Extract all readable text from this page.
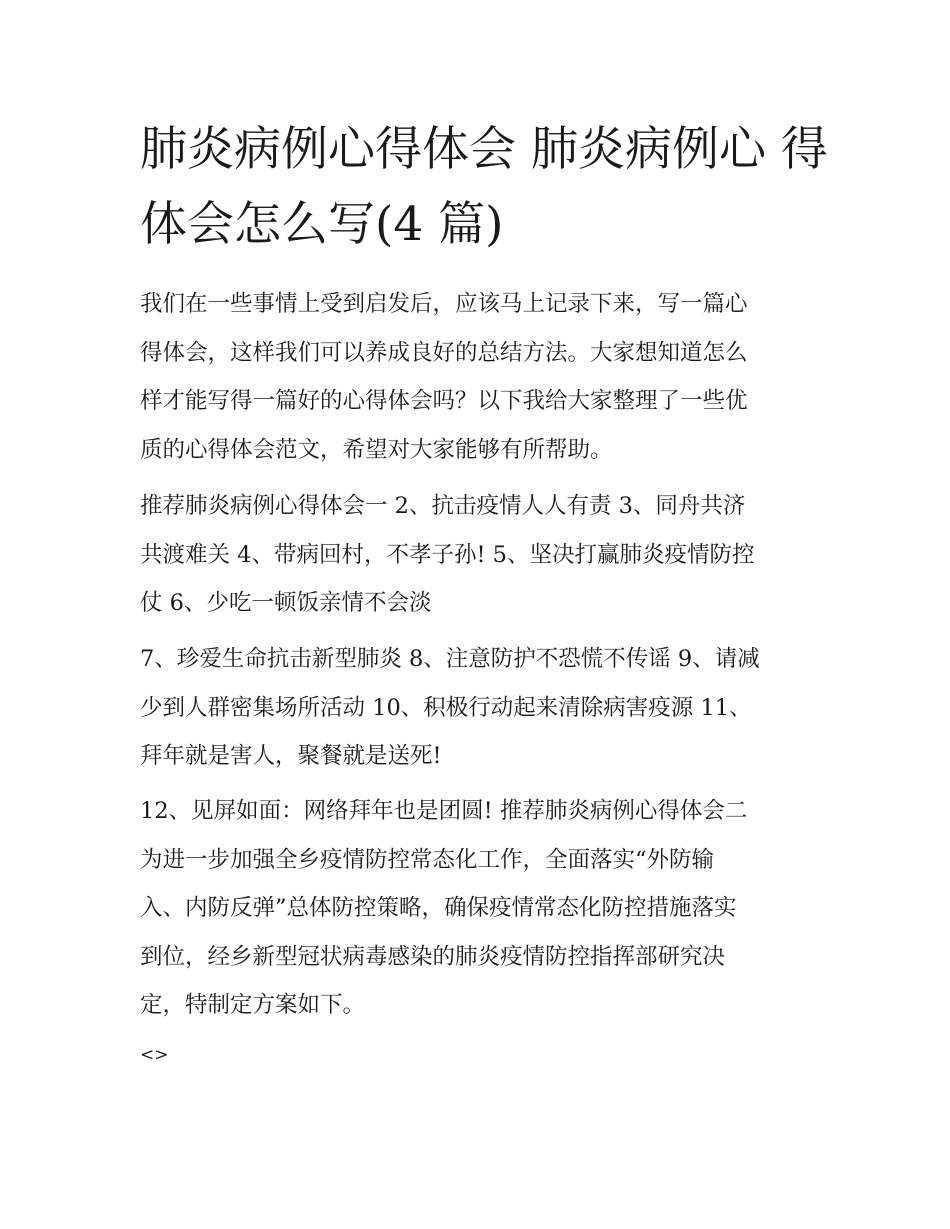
肺炎病例心得体会 肺炎病例心 得体会怎么写(4 篇)

我们在一些事情上受到启发后，应该马上记录下来，写一篇心
得体会，这样我们可以养成良好的总结方法。大家想知道怎么
样才能写得一篇好的心得体会吗？以下我给大家整理了一些优
质的心得体会范文，希望对大家能够有所帮助。

推荐肺炎病例心得体会一 2、抗击疫情人人有责 3、同舟共济
共渡难关 4、带病回村，不孝子孙! 5、坚决打赢肺炎疫情防控
仗 6、少吃一顿饭亲情不会淡

7、珍爱生命抗击新型肺炎 8、注意防护不恐慌不传谣 9、请减
少到人群密集场所活动 10、积极行动起来清除病害疫源 11、
拜年就是害人，聚餐就是送死!

12、见屏如面：网络拜年也是团圆! 推荐肺炎病例心得体会二
为进一步加强全乡疫情防控常态化工作，全面落实“外防输
入、内防反弹”总体防控策略，确保疫情常态化防控措施落实
到位，经乡新型冠状病毒感染的肺炎疫情防控指挥部研究决
定，特制定方案如下。

<>
